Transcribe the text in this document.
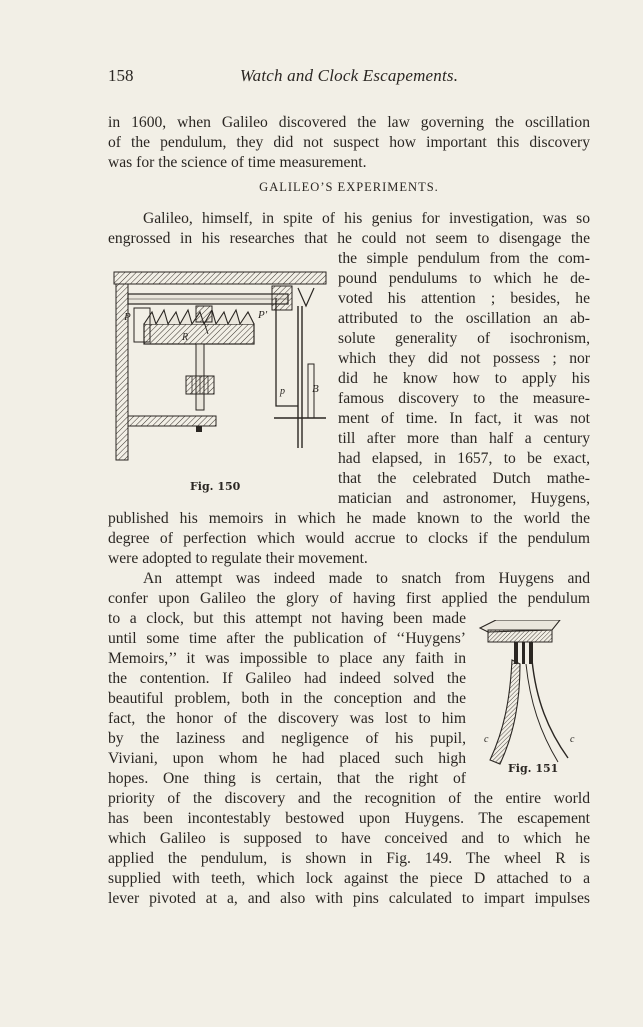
158	Watch and Clock Escapements.
in 1600, when Galileo discovered the law governing the oscillation
of the pendulum, they did not suspect how important this discovery
was for the science of time measurement.
GALILEO’S EXPERIMENTS.
Galileo, himself, in spite of his genius for investigation, was so
engrossed in his researches that he could not seem to disengage the
the simple pendulum from the com-
pound pendulums to which he de-
voted his attention ; besides, he
attributed to the oscillation an ab-
solute generality of isochronism,
which they did not possess ; nor
did he know how to apply his
famous discovery to the measure-
ment of time. In fact, it was not
till after more than half a century
had elapsed, in 1657, to be exact,
that the celebrated Dutch mathe-
matician and astronomer, Huygens,
published his memoirs in which he made known to the world the
degree of perfection which would accrue to clocks if the pendulum
were adopted to regulate their movement.
An attempt was indeed made to snatch from Huygens and
confer upon Galileo the glory of having first applied the pendulum
to a clock, but this attempt not having been made
until some time after the publication of ‘‘Huygens’
Memoirs,’’ it was impossible to place any faith in
the contention. If Galileo had indeed solved the
beautiful problem, both in the conception and the
fact, the honor of the discovery was lost to him
by the laziness and negligence of his pupil,
Viviani, upon whom he had placed such high
hopes. One thing is certain, that the right of
priority of the discovery and the recognition of the entire world
has been incontestably bestowed upon Huygens. The escapement
which Galileo is supposed to have conceived and to which he
applied the pendulum, is shown in Fig. 149. The wheel R is
supplied with teeth, which lock against the piece D attached to a
lever pivoted at a, and also with pins calculated to impart impulses
P	P′
R
B
p
Fig. 150
c	c
Fig. 151
